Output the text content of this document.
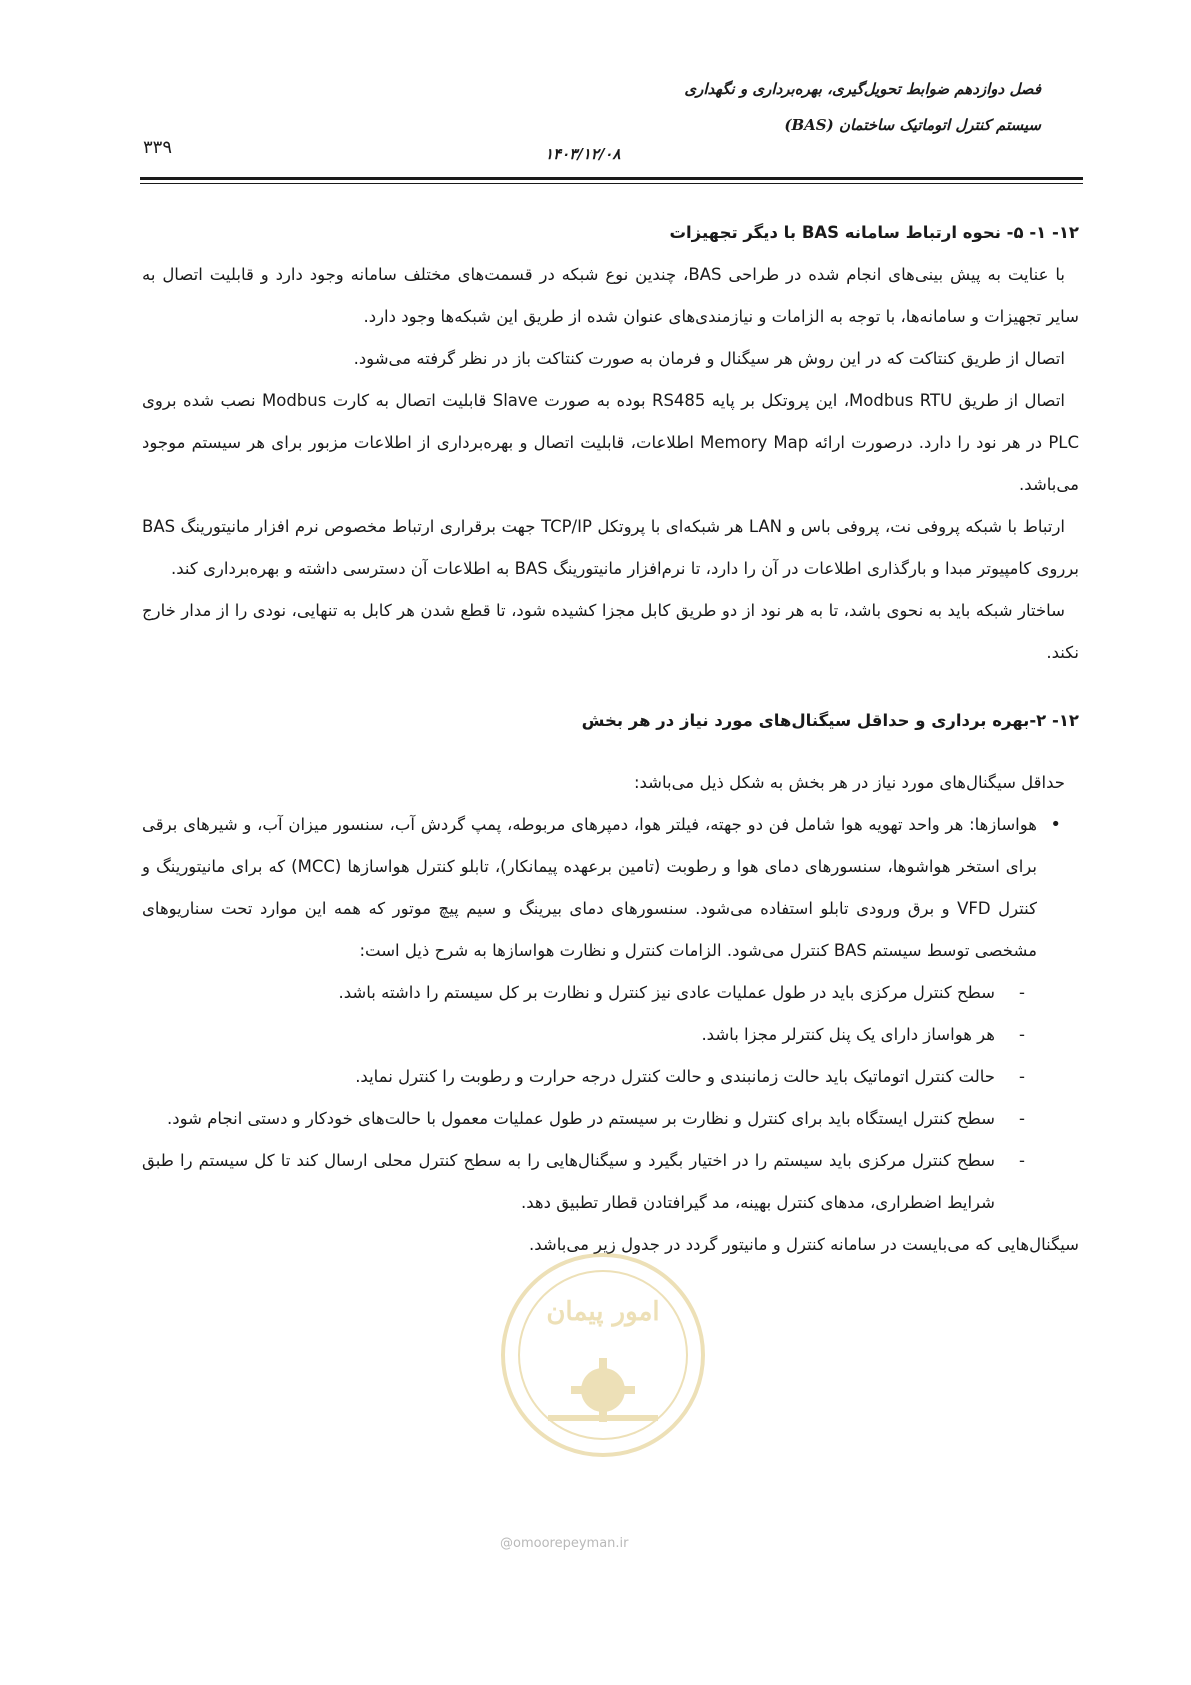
فصل دوازدهم ضوابط تحویل‌گیری، بهره‌برداری و نگهداری

سیستم کنترل اتوماتیک ساختمان (BAS)

۳۳۹	۱۴۰۳/۱۲/۰۸

۱۲- ۱- ۵- نحوه ارتباط سامانه BAS با دیگر تجهیزات

با عنایت به پیش بینی‌های انجام شده در طراحی BAS، چندین نوع شبکه در قسمت‌های مختلف سامانه وجود دارد و قابلیت اتصال به سایر تجهیزات و سامانه‌ها، با توجه به الزامات و نیازمندی‌های عنوان شده از طریق این شبکه‌ها وجود دارد.

اتصال از طریق کنتاکت که در این روش هر سیگنال و فرمان به صورت کنتاکت باز در نظر گرفته می‌شود.

اتصال از طریق Modbus RTU، این پروتکل بر پایه RS485 بوده به صورت Slave قابلیت اتصال به کارت Modbus نصب شده بروی PLC در هر نود را دارد. درصورت ارائه Memory Map اطلاعات، قابلیت اتصال و بهره‌برداری از اطلاعات مزبور برای هر سیستم موجود می‌باشد.

ارتباط با شبکه پروفی نت، پروفی باس و LAN هر شبکه‌ای با پروتکل TCP/IP جهت برقراری ارتباط مخصوص نرم افزار مانیتورینگ BAS برروی کامپیوتر مبدا و بارگذاری اطلاعات در آن را دارد، تا نرم‌افزار مانیتورینگ BAS به اطلاعات آن دسترسی داشته و بهره‌برداری کند.

ساختار شبکه باید به نحوی باشد، تا به هر نود از دو طریق کابل مجزا کشیده شود، تا قطع شدن هر کابل به تنهایی، نودی را از مدار خارج نکند.

۱۲- ۲-بهره برداری و حداقل سیگنال‌های مورد نیاز در هر بخش

حداقل سیگنال‌های مورد نیاز در هر بخش به شکل ذیل می‌باشد:

• هواسازها: هر واحد تهویه هوا شامل فن دو جهته، فیلتر هوا، دمپرهای مربوطه، پمپ گردش آب، سنسور میزان آب، و شیرهای برقی برای استخر هواشوها، سنسورهای دمای هوا و رطوبت (تامین برعهده پیمانکار)، تابلو کنترل هواسازها (MCC) که برای مانیتورینگ و کنترل VFD و برق ورودی تابلو استفاده می‌شود. سنسورهای دمای بیرینگ و سیم پیچ موتور که همه این موارد تحت سناریوهای مشخصی توسط سیستم BAS کنترل می‌شود. الزامات کنترل و نظارت هواسازها به شرح ذیل است:
- سطح کنترل مرکزی باید در طول عملیات عادی نیز کنترل و نظارت بر کل سیستم را داشته باشد.
- هر هواساز دارای یک پنل کنترلر مجزا باشد.
- حالت کنترل اتوماتیک باید حالت زمانبندی و حالت کنترل درجه حرارت و رطوبت را کنترل نماید.
- سطح کنترل ایستگاه باید برای کنترل و نظارت بر سیستم در طول عملیات معمول با حالت‌های خودکار و دستی انجام شود.
- سطح کنترل مرکزی باید سیستم را در اختیار بگیرد و سیگنال‌هایی را به سطح کنترل محلی ارسال کند تا کل سیستم را طبق شرایط اضطراری، مدهای کنترل بهینه، مد گیرافتادن قطار تطبیق دهد.

سیگنال‌هایی که می‌بایست در سامانه کنترل و مانیتور گردد در جدول زیر می‌باشد.

امور پیمان

@omoorepeyman.ir
